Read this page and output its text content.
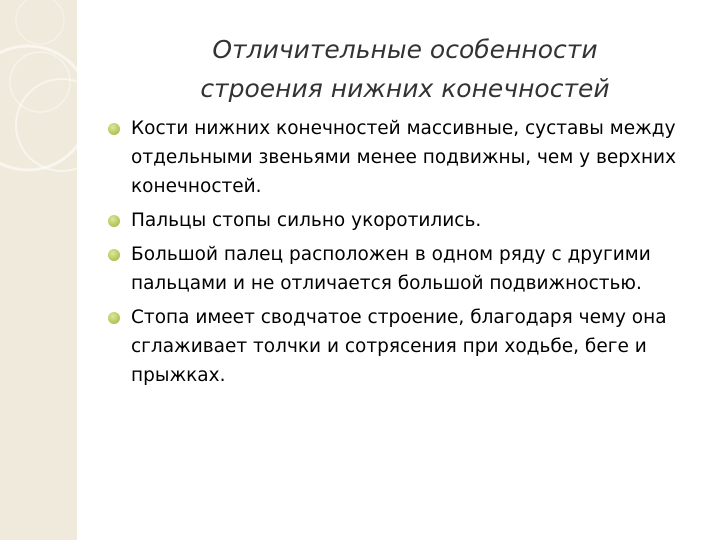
Отличительные особенности
строения нижних конечностей
Кости нижних конечностей массивные, суставы между отдельными звеньями менее подвижны, чем у верхних конечностей.
Пальцы стопы сильно укоротились.
Большой палец расположен в одном ряду с другими пальцами и не отличается большой подвижностью.
Стопа имеет сводчатое строение, благодаря чему она сглаживает толчки и сотрясения при ходьбе, беге и прыжках.
